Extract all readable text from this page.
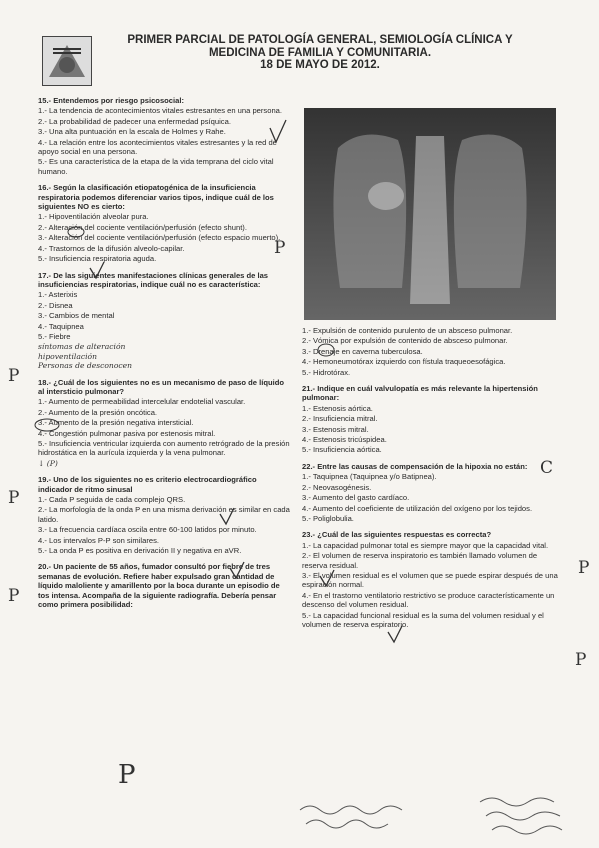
PRIMER PARCIAL DE PATOLOGÍA GENERAL, SEMIOLOGÍA CLÍNICA Y
MEDICINA DE FAMILIA Y COMUNITARIA.
18 DE MAYO DE 2012.
15.- Entendemos por riesgo psicosocial:
1.- La tendencia de acontecimientos vitales estresantes en una persona.
2.- La probabilidad de padecer una enfermedad psíquica.
3.- Una alta puntuación en la escala de Holmes y Rahe.
4.- La relación entre los acontecimientos vitales estresantes y la red de apoyo social en una persona.
5.- Es una característica de la etapa de la vida temprana del ciclo vital humano.
16.- Según la clasificación etiopatogénica de la insuficiencia respiratoria podemos diferenciar varios tipos, indique cuál de los siguientes NO es cierto:
1.- Hipoventilación alveolar pura.
2.- Alteración del cociente ventilación/perfusión (efecto shunt).
3.- Alteración del cociente ventilación/perfusión (efecto espacio muerto).
4.- Trastornos de la difusión alveolo-capilar.
5.- Insuficiencia respiratoria aguda.
17.- De las siguientes manifestaciones clínicas generales de las insuficiencias respiratorias, indique cuál no es característica:
1.- Asterixis
2.- Disnea
3.- Cambios de mental
4.- Taquipnea
5.- Fiebre
síntomas de alteración
hipoventilación
Personas de desconocen
18.- ¿Cuál de los siguientes no es un mecanismo de paso de líquido al intersticio pulmonar?
1.- Aumento de permeabilidad intercelular endotelial vascular.
2.- Aumento de la presión oncótica.
3.- Aumento de la presión negativa intersticial.
4.- Congestión pulmonar pasiva por estenosis mitral.
5.- Insuficiencia ventricular izquierda con aumento retrógrado de la presión hidrostática en la aurícula izquierda y la vena pulmonar.
↓ (P)
19.- Uno de los siguientes no es criterio electrocardiográfico indicador de ritmo sinusal
1.- Cada P seguida de cada complejo QRS.
2.- La morfología de la onda P en una misma derivación es similar en cada latido.
3.- La frecuencia cardíaca oscila entre 60-100 latidos por minuto.
4.- Los intervalos P-P son similares.
5.- La onda P es positiva en derivación II y negativa en aVR.
20.- Un paciente de 55 años, fumador consultó por fiebre de tres semanas de evolución. Refiere haber expulsado gran cantidad de líquido maloliente y amarillento por la boca durante un episodio de tos intensa. Acompaña de la siguiente radiografía. Debería pensar como primera posibilidad:
1.- Expulsión de contenido purulento de un absceso pulmonar.
2.- Vómica por expulsión de contenido de absceso pulmonar.
3.- Drenaje en caverna tuberculosa.
4.- Hemoneumotórax izquierdo con fístula traqueoesofágica.
5.- Hidrotórax.
21.- Indique en cuál valvulopatía es más relevante la hipertensión pulmonar:
1.- Estenosis aórtica.
2.- Insuficiencia mitral.
3.- Estenosis mitral.
4.- Estenosis tricúspidea.
5.- Insuficiencia aórtica.
22.- Entre las causas de compensación de la hipoxia no están:
1.- Taquipnea (Taquipnea y/o Batipnea).
2.- Neovasogénesis.
3.- Aumento del gasto cardíaco.
4.- Aumento del coeficiente de utilización del oxígeno por los tejidos.
5.- Poliglobulia.
23.- ¿Cuál de las siguientes respuestas es correcta?
1.- La capacidad pulmonar total es siempre mayor que la capacidad vital.
2.- El volumen de reserva inspiratorio es también llamado volumen de reserva residual.
3.- El volumen residual es el volumen que se puede espirar después de una espiración normal.
4.- En el trastorno ventilatorio restrictivo se produce característicamente un descenso del volumen residual.
5.- La capacidad funcional residual es la suma del volumen residual y el volumen de reserva espiratorio.
P
P
P
P
P
C
P
P
